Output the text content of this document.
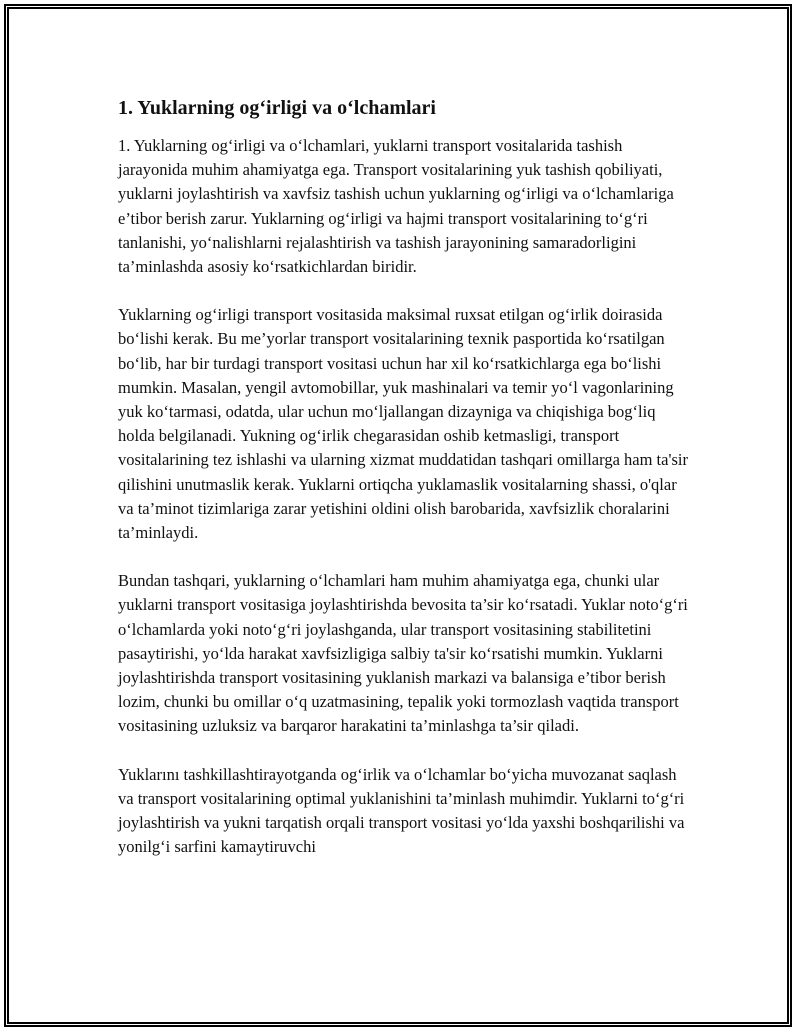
1. Yuklarning og‘irligi va o‘lchamlari

1. Yuklarning og‘irligi va o‘lchamlari, yuklarni transport vositalarida tashish jarayonida muhim ahamiyatga ega. Transport vositalarining yuk tashish qobiliyati, yuklarni joylashtirish va xavfsiz tashish uchun yuklarning og‘irligi va o‘lchamlariga e’tibor berish zarur. Yuklarning og‘irligi va hajmi transport vositalarining to‘g‘ri tanlanishi, yo‘nalishlarni rejalashtirish va tashish jarayonining samaradorligini ta’minlashda asosiy ko‘rsatkichlardan biridir.

Yuklarning og‘irligi transport vositasida maksimal ruxsat etilgan og‘irlik doirasida bo‘lishi kerak. Bu me’yorlar transport vositalarining texnik pasportida ko‘rsatilgan bo‘lib, har bir turdagi transport vositasi uchun har xil ko‘rsatkichlarga ega bo‘lishi mumkin. Masalan, yengil avtomobillar, yuk mashinalari va temir yo‘l vagonlarining yuk ko‘tarmasi, odatda, ular uchun mo‘ljallangan dizayniga va chiqishiga bog‘liq holda belgilanadi. Yukning og‘irlik chegarasidan oshib ketmasligi, transport vositalarining tez ishlashi va ularning xizmat muddatidan tashqari omillarga ham ta'sir qilishini unutmaslik kerak. Yuklarni ortiqcha yuklamaslik vositalarning shassi, o'qlar va ta’minot tizimlariga zarar yetishini oldini olish barobarida, xavfsizlik choralarini ta’minlaydi.

Bundan tashqari, yuklarning o‘lchamlari ham muhim ahamiyatga ega, chunki ular yuklarni transport vositasiga joylashtirishda bevosita ta’sir ko‘rsatadi. Yuklar noto‘g‘ri o‘lchamlarda yoki noto‘g‘ri joylashganda, ular transport vositasining stabilitetini pasaytirishi, yo‘lda harakat xavfsizligiga salbiy ta'sir ko‘rsatishi mumkin. Yuklarni joylashtirishda transport vositasining yuklanish markazi va balansiga e’tibor berish lozim, chunki bu omillar o‘q uzatmasining, tepalik yoki tormozlash vaqtida transport vositasining uzluksiz va barqaror harakatini ta’minlashga ta’sir qiladi.

Yuklarını tashkillashtirayotganda og‘irlik va o‘lchamlar bo‘yicha muvozanat saqlash va transport vositalarining optimal yuklanishini ta’minlash muhimdir. Yuklarni to‘g‘ri joylashtirish va yukni tarqatish orqali transport vositasi yo‘lda yaxshi boshqarilishi va yonilg‘i sarfini kamaytiruvchi
